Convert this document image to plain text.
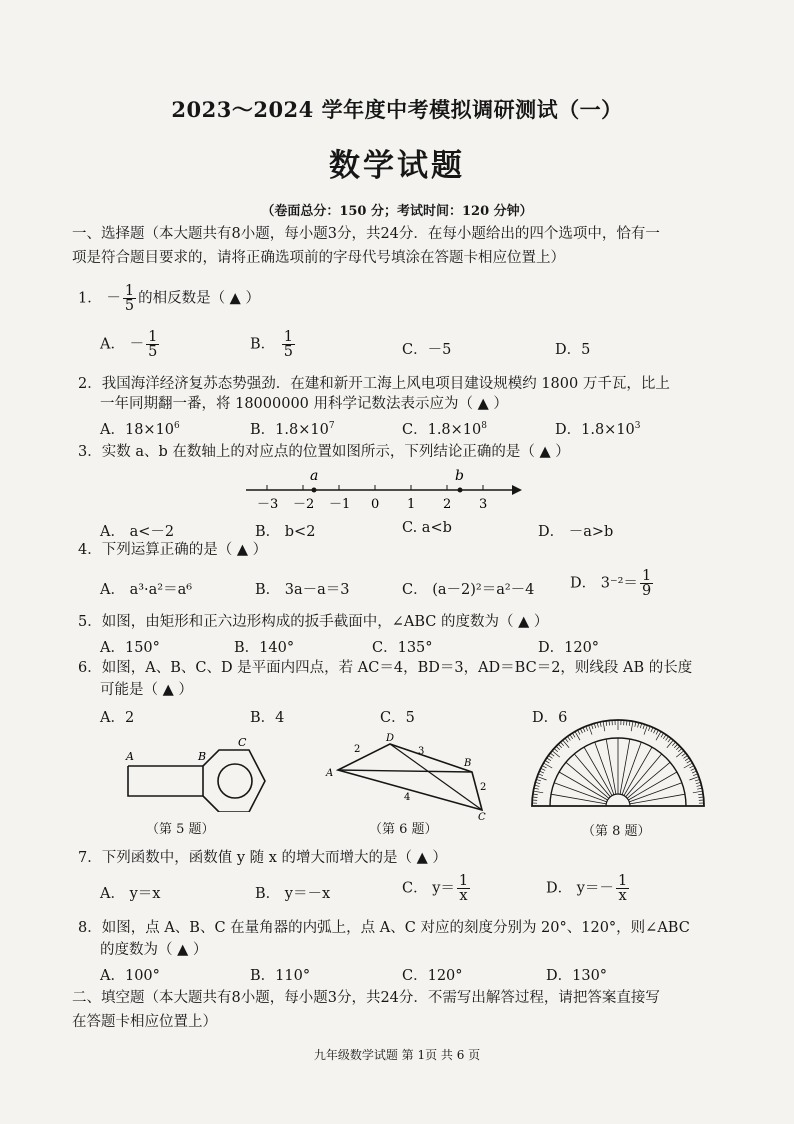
2023～2024 学年度中考模拟调研测试（一）
数学试题
（卷面总分：150 分；考试时间：120 分钟）
一、选择题（本大题共有8小题，每小题3分，共24分．在每小题给出的四个选项中，恰有一
项是符合题目要求的，请将正确选项前的字母代号填涂在答题卡相应位置上）
1． － $\frac{1}{5}$ 的相反数是（ ▲ ）
A． － $\frac{1}{5}$	B． $\frac{1}{5}$	C．－5	D．5
2．我国海洋经济复苏态势强劲．在建和新开工海上风电项目建设规模约 1800 万千瓦，比上
一年同期翻一番，将 18000000 用科学记数法表示应为（ ▲ ）
A．$18\times 10^6$	B．$1.8\times 10^7$	C．$1.8\times 10^8$	D．$1.8\times 10^3$
3．实数 a、b 在数轴上的对应点的位置如图所示，下列结论正确的是（ ▲ ）
a	b
－3 －2 －1 0 1 2 3
A． a<－2	B． b<2	C. a<b	D． －a>b
4．下列运算正确的是（ ▲ ）
A． a³·a²＝a⁶	B． 3a－a＝3	C． (a－2)²＝a²－4 D． $3^{-2}= \frac{1}{9}$
5．如图，由矩形和正六边形构成的扳手截面中，∠ABC 的度数为（ ▲ ）
A．150°	B．140°	C．135°	D．120°
6．如图，A、B、C、D 是平面内四点，若 AC＝4，BD＝3，AD＝BC＝2，则线段 AB 的长度
可能是（ ▲ ）
A．2	B．4	C．5	D．6
A	B
C
（第 5 题）
A
D
B
C
2	3
4
2
（第 6 题）	（第 8 题）
7．下列函数中，函数值 y 随 x 的增大而增大的是（ ▲ ）
A． y＝x	B． y＝－x	C． $y= \frac{1}{x}$	D． $y=- \frac{1}{x}$
8．如图，点 A、B、C 在量角器的内弧上，点 A、C 对应的刻度分别为 20°、120°，则∠ABC
的度数为（ ▲ ）
A．100°	B．110°	C．120°	D．130°
二、填空题（本大题共有8小题，每小题3分，共24分．不需写出解答过程，请把答案直接写
在答题卡相应位置上）
九年级数学试题 第 1页 共 6 页
